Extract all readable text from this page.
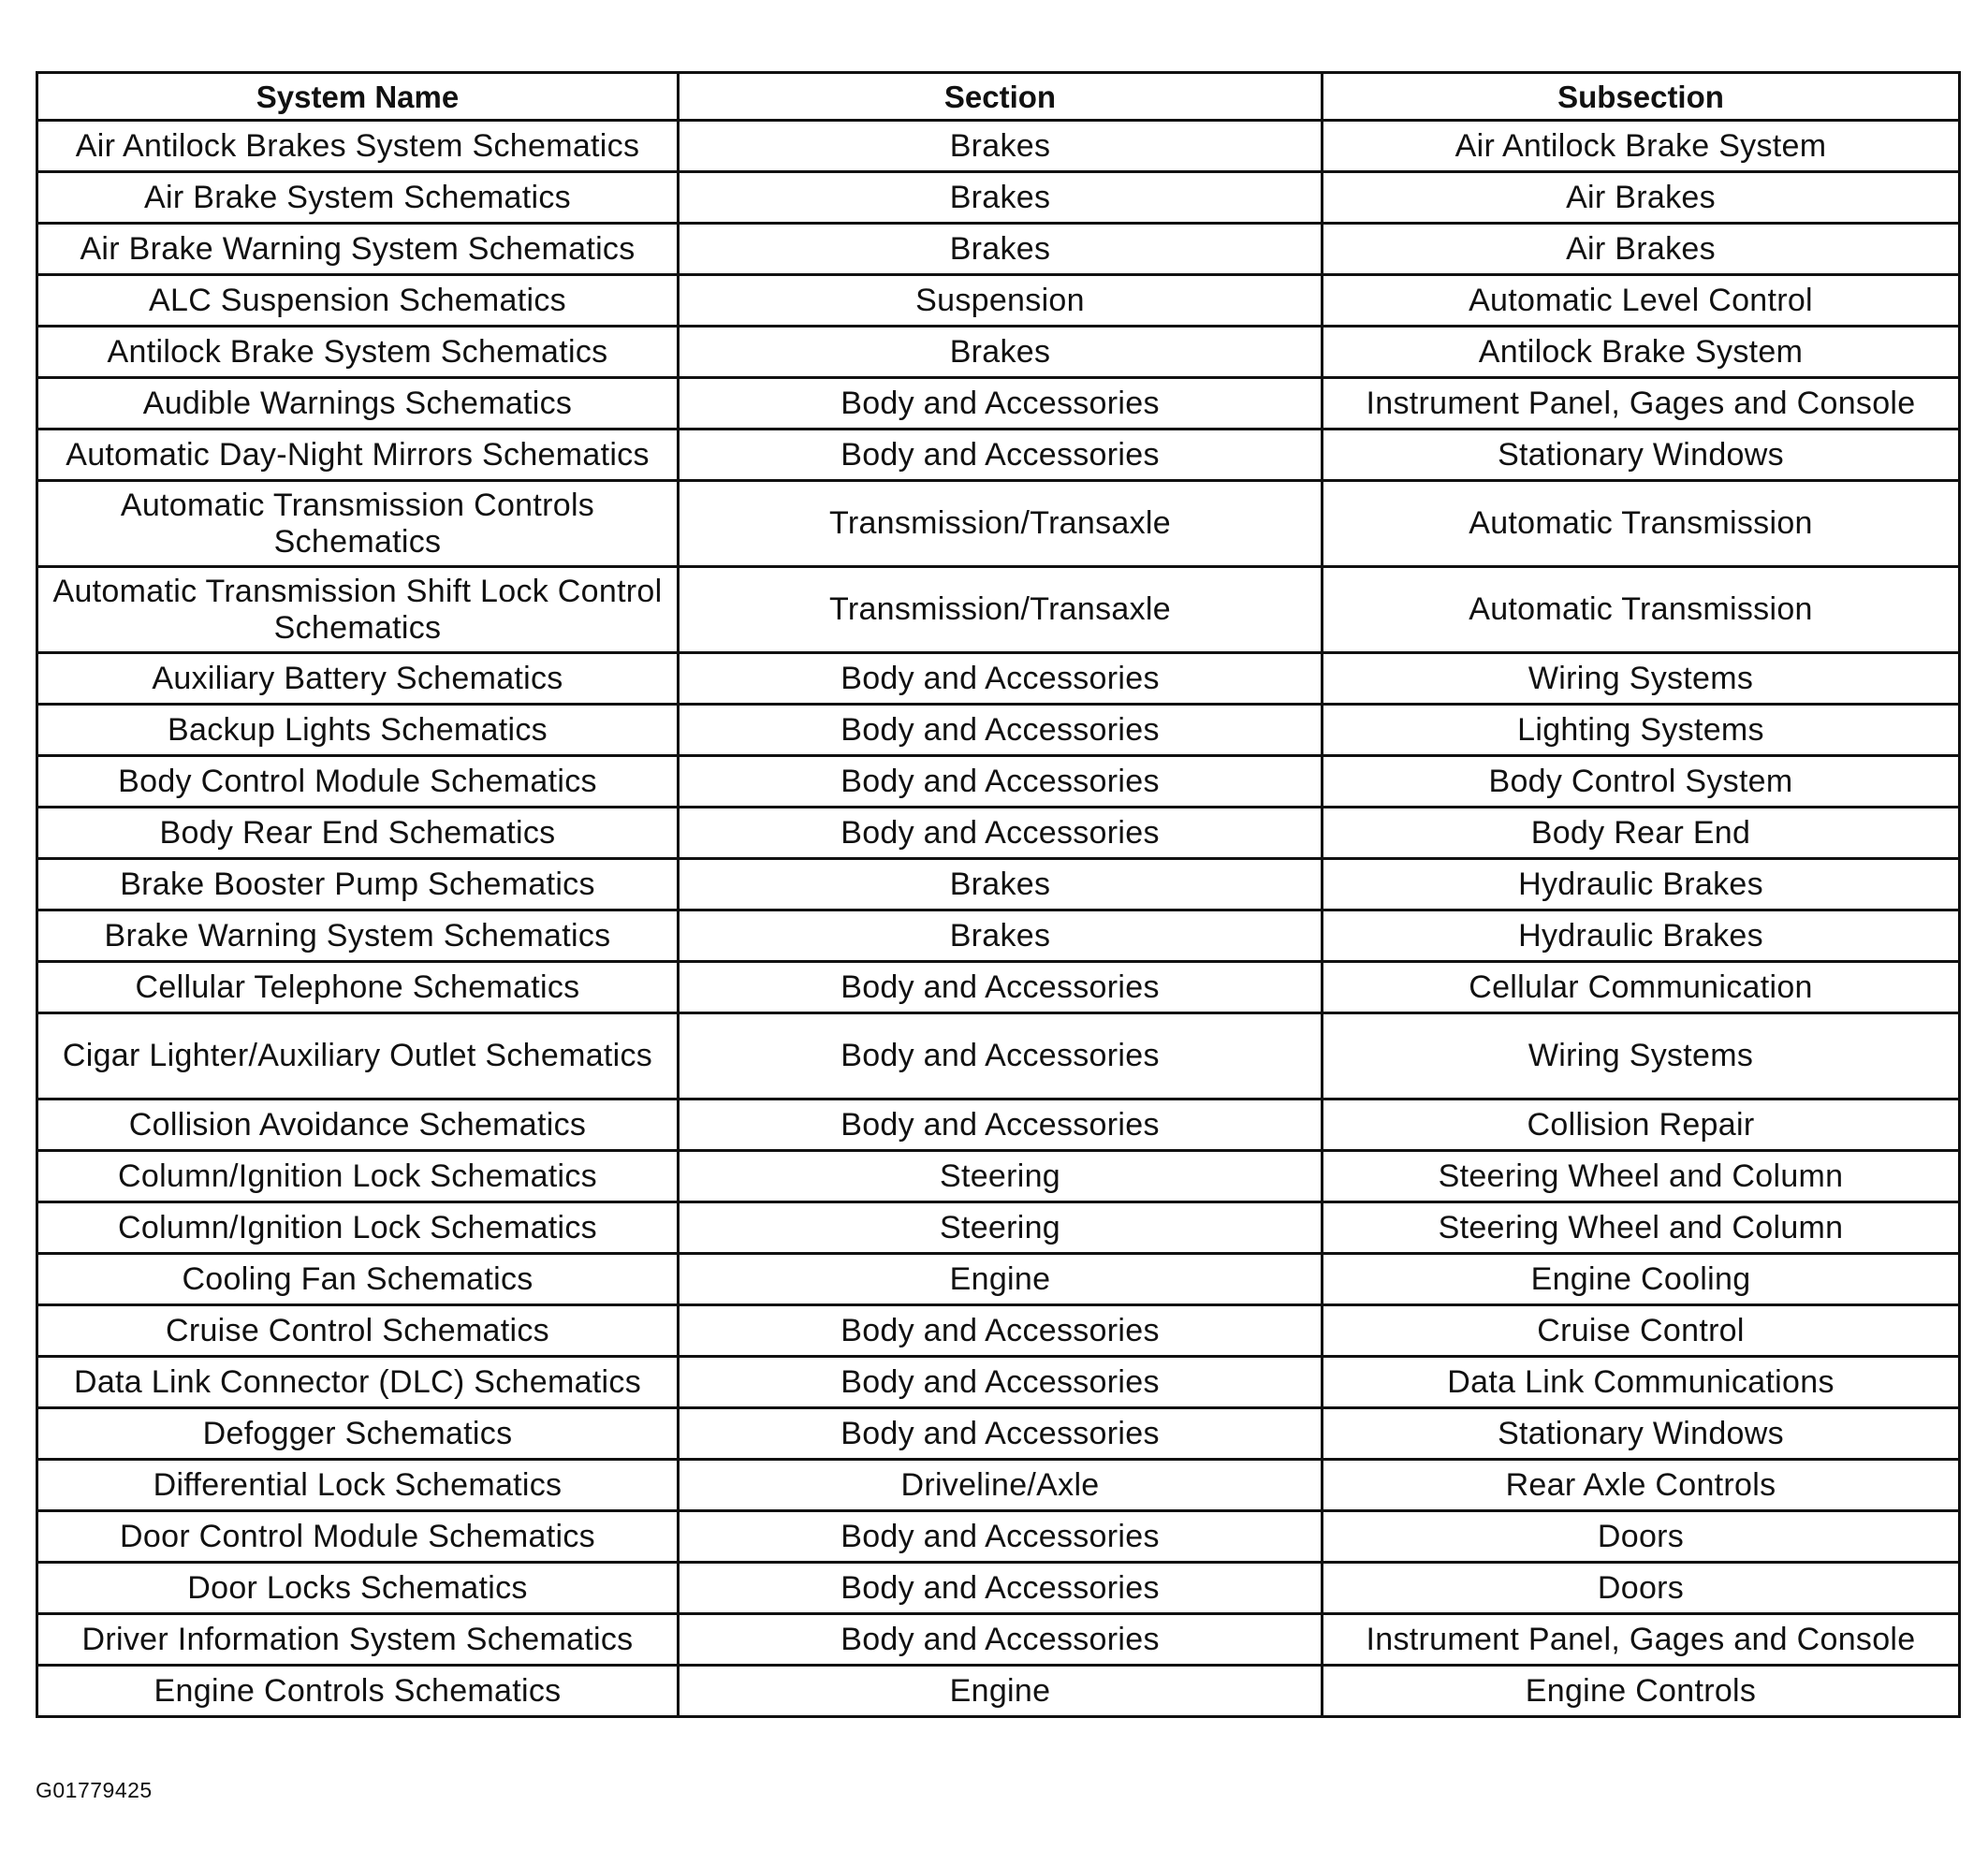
System Name	Section	Subsection
Air Antilock Brakes System Schematics	Brakes	Air Antilock Brake System
Air Brake System Schematics	Brakes	Air Brakes
Air Brake Warning System Schematics	Brakes	Air Brakes
ALC Suspension Schematics	Suspension	Automatic Level Control
Antilock Brake System Schematics	Brakes	Antilock Brake System
Audible Warnings Schematics	Body and Accessories	Instrument Panel, Gages and Console
Automatic Day-Night Mirrors Schematics	Body and Accessories	Stationary Windows
Automatic Transmission Controls Schematics	Transmission/Transaxle	Automatic Transmission
Automatic Transmission Shift Lock Control Schematics	Transmission/Transaxle	Automatic Transmission
Auxiliary Battery Schematics	Body and Accessories	Wiring Systems
Backup Lights Schematics	Body and Accessories	Lighting Systems
Body Control Module Schematics	Body and Accessories	Body Control System
Body Rear End Schematics	Body and Accessories	Body Rear End
Brake Booster Pump Schematics	Brakes	Hydraulic Brakes
Brake Warning System Schematics	Brakes	Hydraulic Brakes
Cellular Telephone Schematics	Body and Accessories	Cellular Communication
Cigar Lighter/Auxiliary Outlet Schematics	Body and Accessories	Wiring Systems
Collision Avoidance Schematics	Body and Accessories	Collision Repair
Column/Ignition Lock Schematics	Steering	Steering Wheel and Column
Column/Ignition Lock Schematics	Steering	Steering Wheel and Column
Cooling Fan Schematics	Engine	Engine Cooling
Cruise Control Schematics	Body and Accessories	Cruise Control
Data Link Connector (DLC) Schematics	Body and Accessories	Data Link Communications
Defogger Schematics	Body and Accessories	Stationary Windows
Differential Lock Schematics	Driveline/Axle	Rear Axle Controls
Door Control Module Schematics	Body and Accessories	Doors
Door Locks Schematics	Body and Accessories	Doors
Driver Information System Schematics	Body and Accessories	Instrument Panel, Gages and Console
Engine Controls Schematics	Engine	Engine Controls
G01779425
